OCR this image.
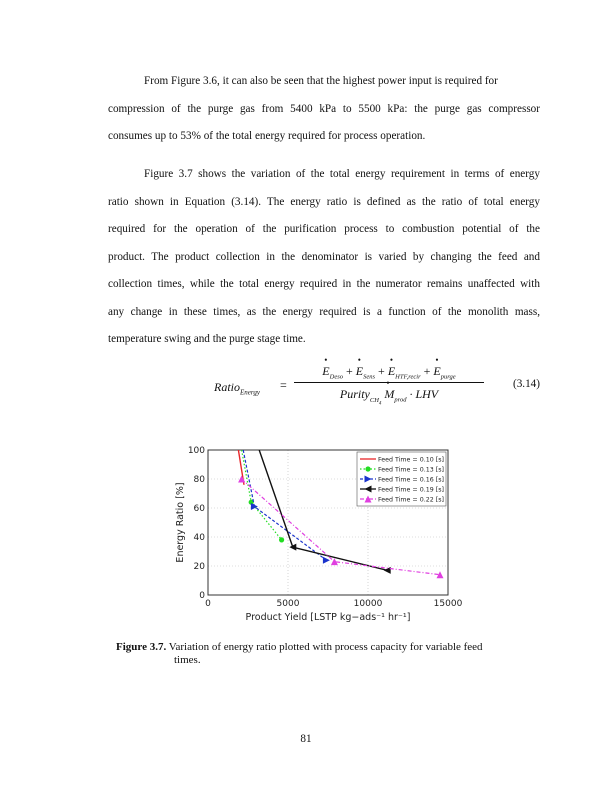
From Figure 3.6, it can also be seen that the highest power input is required for
compression of the purge gas from 5400 kPa to 5500 kPa: the purge gas compressor
consumes up to 53% of the total energy required for process operation.
Figure 3.7 shows the variation of the total energy requirement in terms of energy
ratio shown in Equation (3.14). The energy ratio is defined as the ratio of total energy
required for the operation of the purification process to combustion potential of the
product. The product collection in the denominator is varied by changing the feed and
collection times, while the total energy required in the numerator remains unaffected with
any change in these times, as the energy required is a function of the monolith mass,
temperature swing and the purge stage time.
Ratio$_{Energy}$
=
• $E_{Deso}$ + • $E_{Sens}$ + • $E_{HTF,recir}$ + • $E_{purge}$
Purity$_{CH_4}$ • $M_{prod}$ · LHV
(3.14)
0	5000	10000	15000
0
20
40
60
80
100
Product Yield [LSTP kg−ads⁻¹ hr⁻¹]
Energy Ratio [%]
Feed Time = 0.10 [s]
Feed Time = 0.13 [s]
Feed Time = 0.16 [s]
Feed Time = 0.19 [s]
Feed Time = 0.22 [s]
Figure 3.7. Variation of energy ratio plotted with process capacity for variable feed
times.
81
